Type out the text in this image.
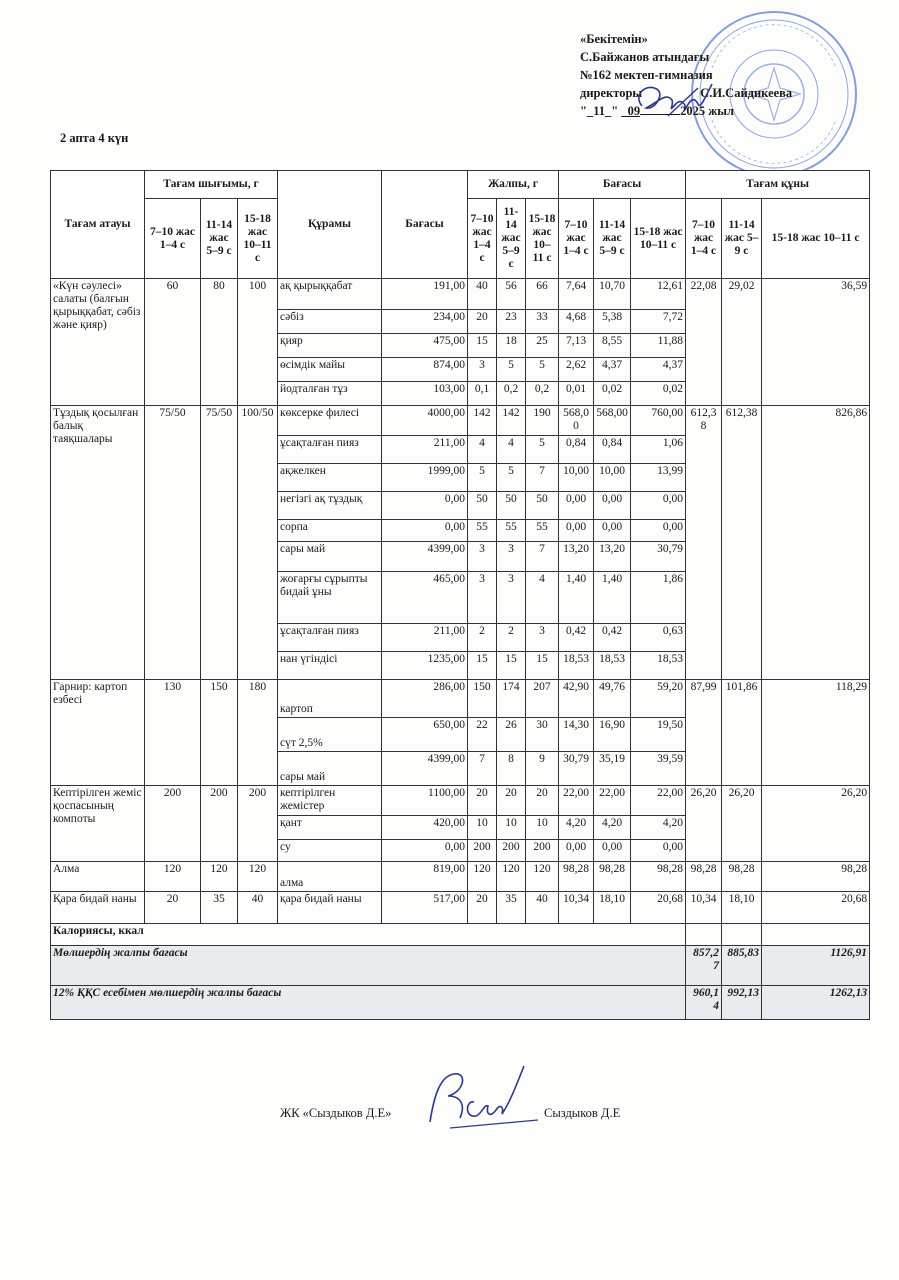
«Бекітемін»
С.Байжанов атындағы
№162 мектеп-гимназия
директоры	С.И.Сайдикеева
"_11_" _09	2025 жыл
2 апта 4 күн
Тағам атауы	Тағам шығымы, г			Құрамы	Бағасы	Жалпы, г			Бағасы			Тағам құны		
	7–10 жас 1–4 с	11-14 жас 5–9 с	15-18 жас 10–11 с			7–10 жас 1–4 с	11-14 жас 5–9 с	15-18 жас 10–11 с	7–10 жас 1–4 с	11-14 жас 5–9 с	15-18 жас 10–11 с	7–10 жас 1–4 с	11-14 жас 5–9 с	15-18 жас 10–11 с
«Күн сәулесі» салаты (балғын қырыққабат, сәбіз және қияр)	60	80	100	ақ қырыққабат	191,00	40	56	66	7,64	10,70	12,61	22,08	29,02	36,59
				сәбіз	234,00	20	23	33	4,68	5,38	7,72			
				қияр	475,00	15	18	25	7,13	8,55	11,88			
				өсімдік майы	874,00	3	5	5	2,62	4,37	4,37			
				йодталған тұз	103,00	0,1	0,2	0,2	0,01	0,02	0,02			
Тұздық қосылған балық таяқшалары	75/50	75/50	100/50	көксерке филесі	4000,00	142	142	190	568,00	568,00	760,00	612,38	612,38	826,86
				ұсақталған пияз	211,00	4	4	5	0,84	0,84	1,06			
				ақжелкен	1999,00	5	5	7	10,00	10,00	13,99			
				негізгі ақ тұздық	0,00	50	50	50	0,00	0,00	0,00			
				сорпа	0,00	55	55	55	0,00	0,00	0,00			
				сары май	4399,00	3	3	7	13,20	13,20	30,79			
				жоғарғы сұрыпты бидай ұны	465,00	3	3	4	1,40	1,40	1,86			
				ұсақталған пияз	211,00	2	2	3	0,42	0,42	0,63			
				нан үгіндісі	1235,00	15	15	15	18,53	18,53	18,53			
Гарнир: картоп езбесі	130	150	180	картоп	286,00	150	174	207	42,90	49,76	59,20	87,99	101,86	118,29
				сүт 2,5%	650,00	22	26	30	14,30	16,90	19,50			
				сары май	4399,00	7	8	9	30,79	35,19	39,59			
Кептірілген жеміс қоспасының компоты	200	200	200	кептірілген жемістер	1100,00	20	20	20	22,00	22,00	22,00	26,20	26,20	26,20
				қант	420,00	10	10	10	4,20	4,20	4,20			
				су	0,00	200	200	200	0,00	0,00	0,00			
Алма	120	120	120	алма	819,00	120	120	120	98,28	98,28	98,28	98,28	98,28	98,28
Қара бидай наны	20	35	40	қара бидай наны	517,00	20	35	40	10,34	18,10	20,68	10,34	18,10	20,68
Калориясы, ккал														
Мөлшердің жалпы бағасы												857,27	885,83	1126,91
12% ҚҚС есебімен мөлшердің жалпы бағасы												960,14	992,13	1262,13
ЖК «Сыздыков Д.Е»	Сыздыков Д.Е
